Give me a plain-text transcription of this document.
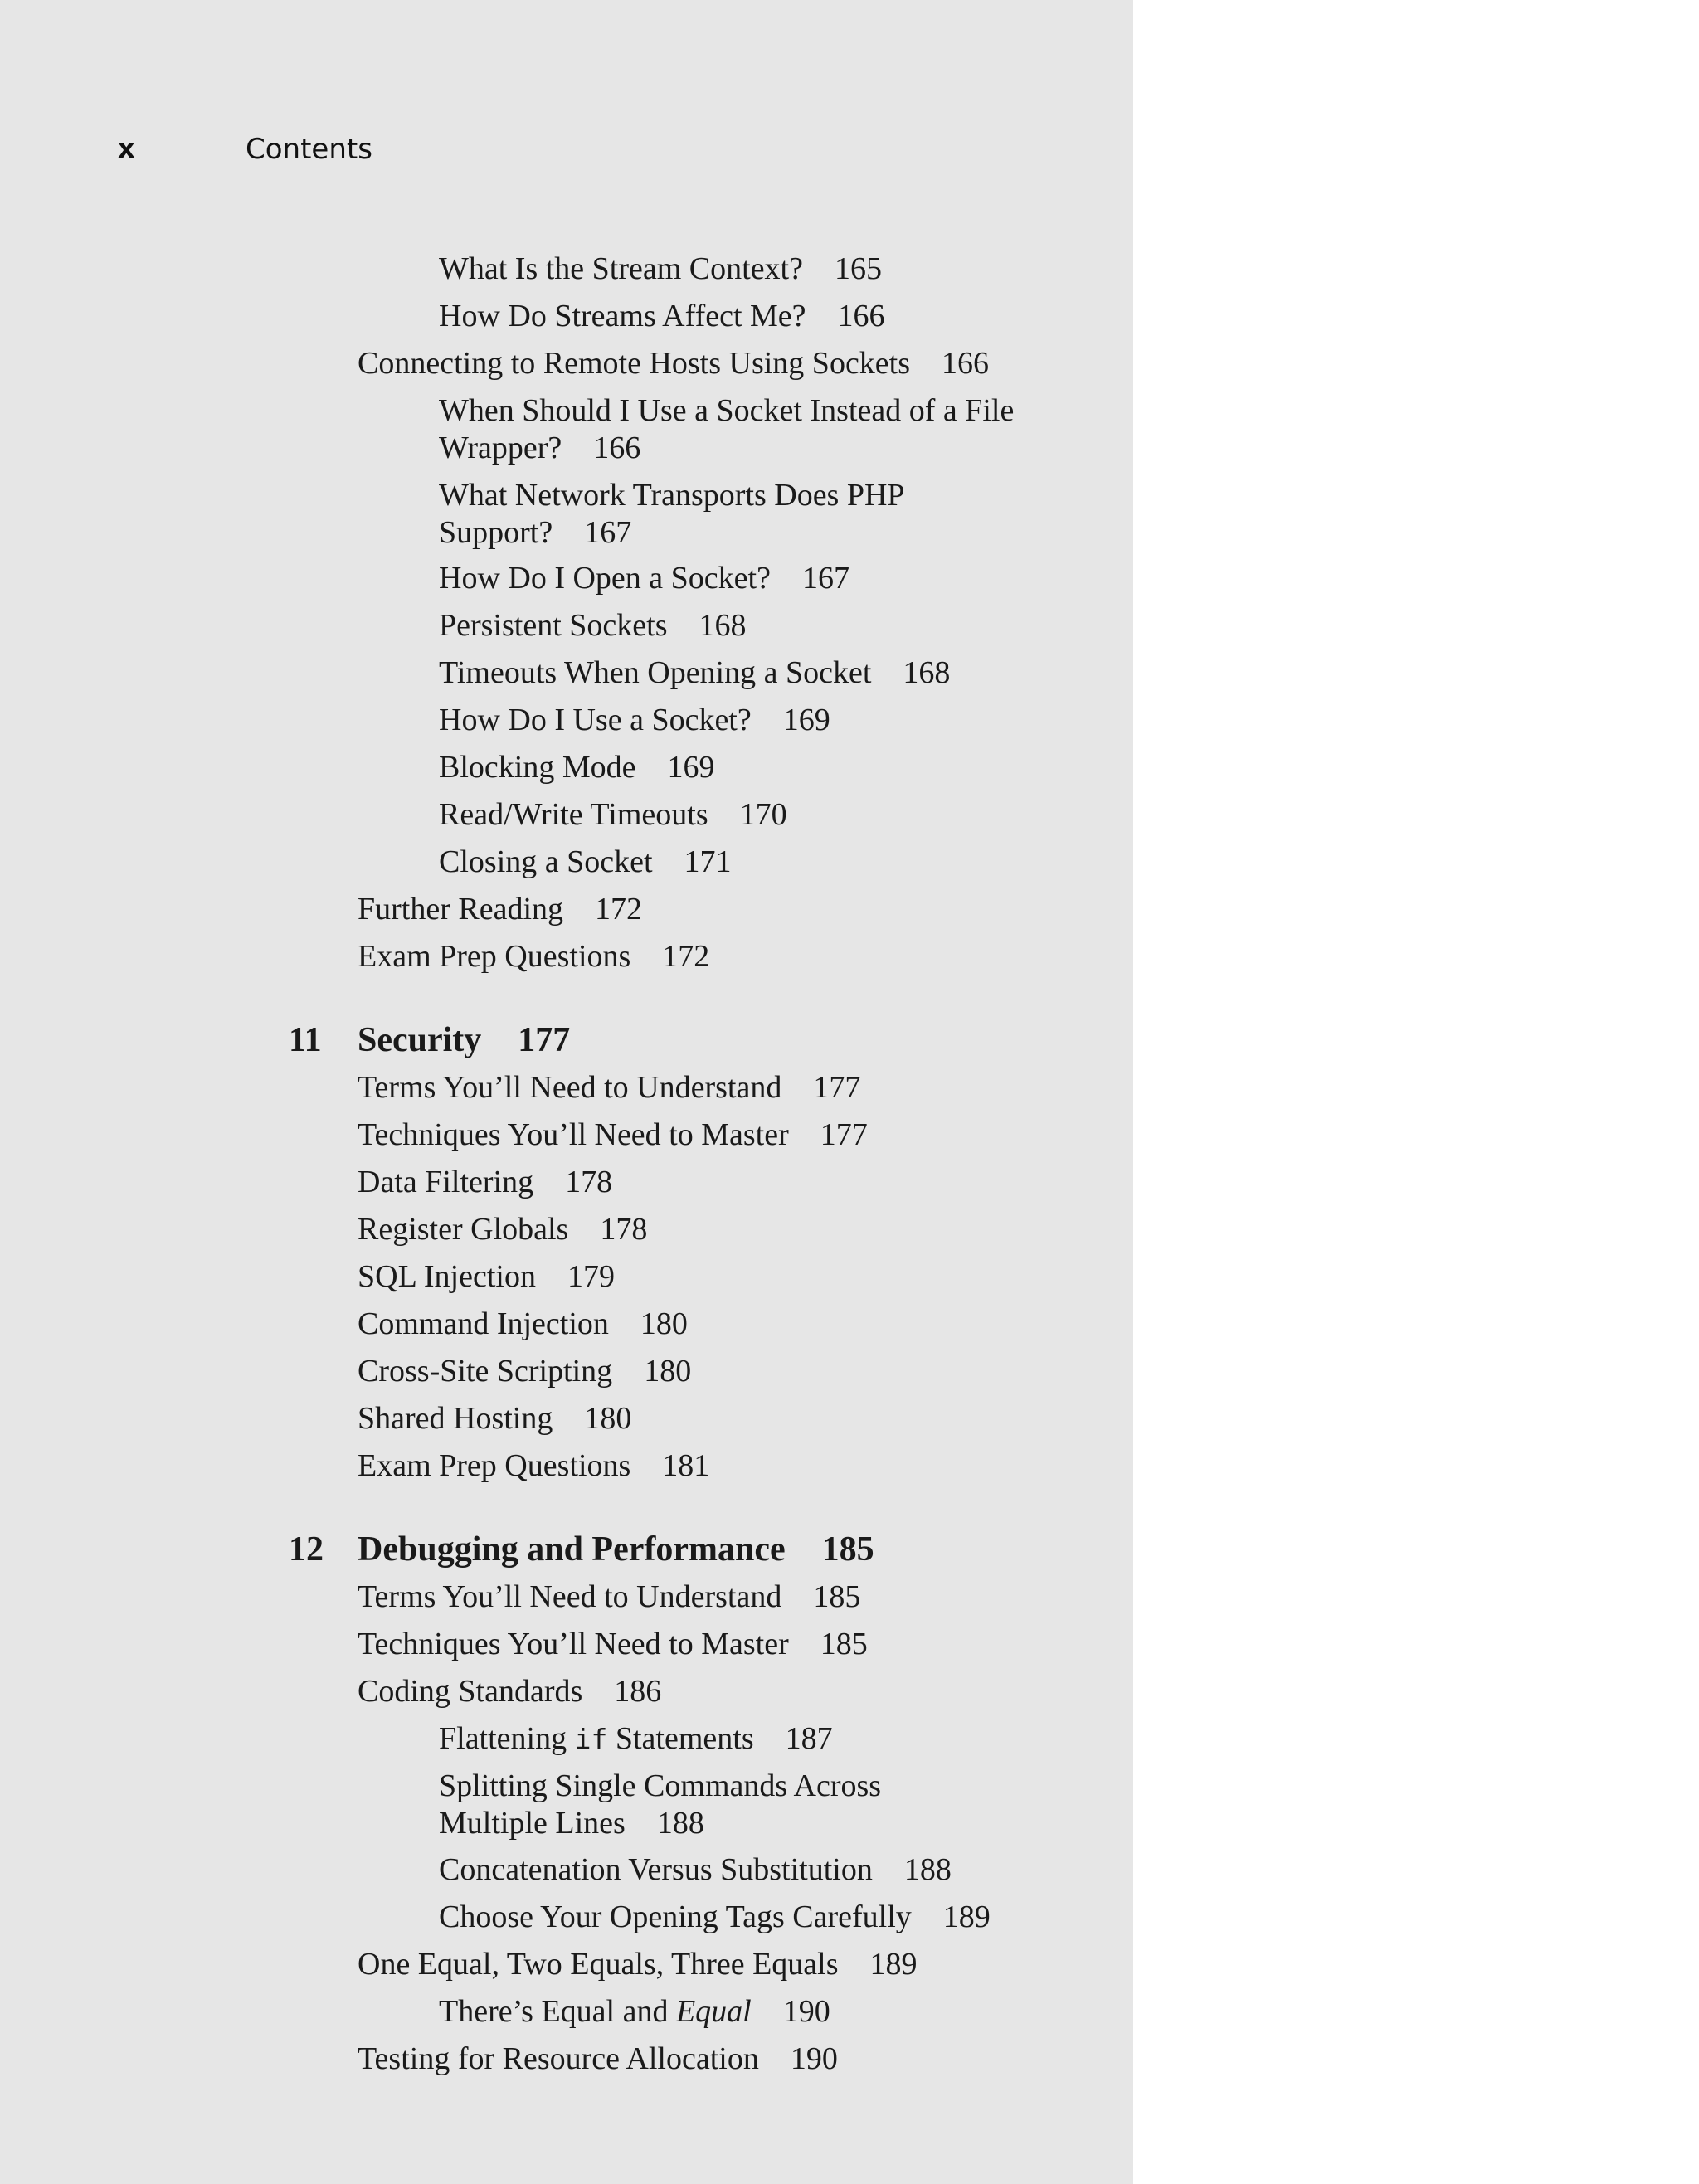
x	Contents
What Is the Stream Context? 165
How Do Streams Affect Me? 166
Connecting to Remote Hosts Using Sockets 166
When Should I Use a Socket Instead of a File
Wrapper? 166
What Network Transports Does PHP
Support? 167
How Do I Open a Socket? 167
Persistent Sockets 168
Timeouts When Opening a Socket 168
How Do I Use a Socket? 169
Blocking Mode 169
Read/Write Timeouts 170
Closing a Socket 171
Further Reading 172
Exam Prep Questions 172
11 Security 177
Terms You’ll Need to Understand 177
Techniques You’ll Need to Master 177
Data Filtering 178
Register Globals 178
SQL Injection 179
Command Injection 180
Cross-Site Scripting 180
Shared Hosting 180
Exam Prep Questions 181
12 Debugging and Performance 185
Terms You’ll Need to Understand 185
Techniques You’ll Need to Master 185
Coding Standards 186
Flattening if Statements 187
Splitting Single Commands Across
Multiple Lines 188
Concatenation Versus Substitution 188
Choose Your Opening Tags Carefully 189
One Equal, Two Equals, Three Equals 189
There’s Equal and Equal 190
Testing for Resource Allocation 190
